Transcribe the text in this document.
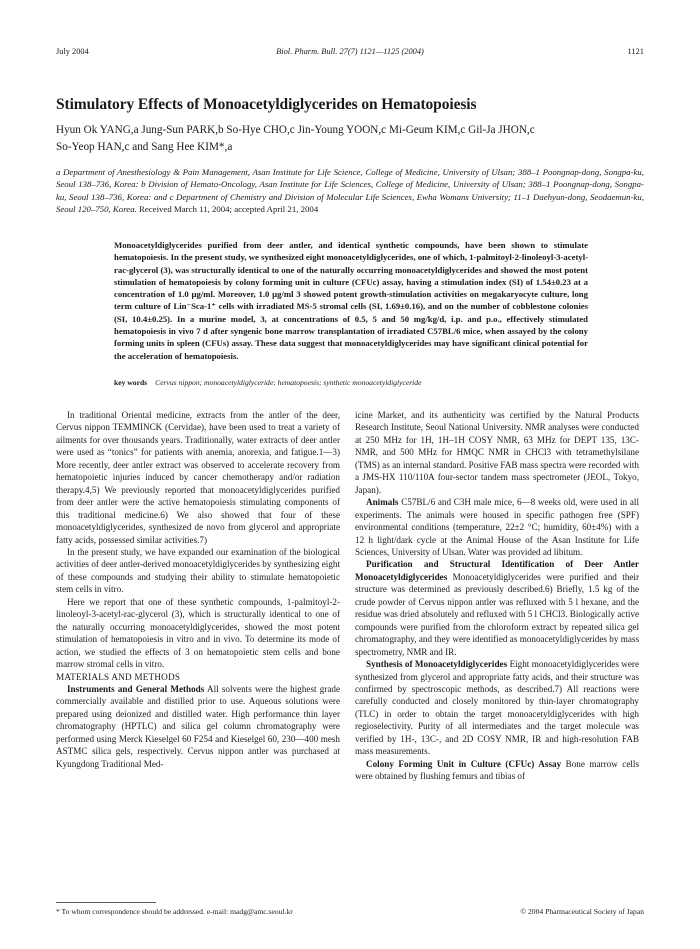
July 2004	Biol. Pharm. Bull. 27(7) 1121—1125 (2004)	1121
Stimulatory Effects of Monoacetyldiglycerides on Hematopoiesis
Hyun Ok YANG,a Jung-Sun PARK,b So-Hye CHO,c Jin-Young YOON,c Mi-Geum KIM,c Gil-Ja JHON,c
So-Yeop HAN,c and Sang Hee KIM*,a
a Department of Anesthesiology & Pain Management, Asan Institute for Life Science, College of Medicine, University of Ulsan; 388–1 Poongnap-dong, Songpa-ku, Seoul 138–736, Korea: b Division of Hemato-Oncology, Asan Institute for Life Sciences, College of Medicine, University of Ulsan; 388–1 Poongnap-dong, Songpa-ku, Seoul 138–736, Korea: and c Department of Chemistry and Division of Molecular Life Sciences, Ewha Womans University; 11–1 Daehyun-dong, Seodaemun-ku, Seoul 120–750, Korea. Received March 11, 2004; accepted April 21, 2004
Monoacetyldiglycerides purified from deer antler, and identical synthetic compounds, have been shown to stimulate hematopoiesis. In the present study, we synthesized eight monoacetyldiglycerides, one of which, 1-palmitoyl-2-linoleoyl-3-acetyl-rac-glycerol (3), was structurally identical to one of the naturally occurring monoacetyldiglycerides and showed the most potent stimulation of hematopoiesis by colony forming unit in culture (CFUc) assay, having a stimulation index (SI) of 1.54±0.23 at a concentration of 1.0 µg/ml. Moreover, 1.0 µg/ml 3 showed potent growth-stimulation activities on megakaryocyte culture, long term culture of Lin⁻Sca-1⁺ cells with irradiated MS-5 stromal cells (SI, 1.69±0.16), and on the number of cobblestone colonies (SI, 10.4±0.25). In a murine model, 3, at concentrations of 0.5, 5 and 50 mg/kg/d, i.p. and p.o., effectively stimulated hematopoiesis in vivo 7 d after syngenic bone marrow transplantation of irradiated C57BL/6 mice, when assayed by the colony forming units in spleen (CFUs) assay. These data suggest that monoacetyldiglycerides may have significant clinical potential for the acceleration of hematopoiesis.
key words Cervus nippon; monoacetyldiglyceride; hematopoesis; synthetic monoacetyldiglyceride

In traditional Oriental medicine, extracts from the antler of the deer, Cervus nippon TEMMINCK (Cervidae), have been used to treat a variety of ailments for over thousands years. Traditionally, water extracts of deer antler were used as “tonics” for patients with anemia, anorexia, and fatigue.1—3) More recently, deer antler extract was observed to accelerate recovery from hematopoietic injuries induced by cancer chemotherapy and/or radiation therapy.4,5) We previously reported that monoacetyldiglycerides purified from deer antler were the active hematopoiesis stimulating components of this traditional medicine.6) We also showed that four of these monoacetyldiglycerides, synthesized de novo from glycerol and appropriate fatty acids, possessed similar activities.7)

In the present study, we have expanded our examination of the biological activities of deer antler-derived monoacetyldiglycerides by synthesizing eight of these compounds and studying their ability to stimulate hematopoietic stem cells in vitro.

Here we report that one of these synthetic compounds, 1-palmitoyl-2-linoleoyl-3-acetyl-rac-glycerol (3), which is structurally identical to one of the naturally occurring monoacetyldiglycerides, showed the most potent stimulation of hematopoiesis in vitro and in vivo. To determine its mode of action, we studied the effects of 3 on hematopoietic stem cells and bone marrow stromal cells in vitro.

MATERIALS AND METHODS

Instruments and General Methods All solvents were the highest grade commercially available and distilled prior to use. Aqueous solutions were prepared using deionized and distilled water. High performance thin layer chromatography (HPTLC) and silica gel column chromatography were performed using Merck Kieselgel 60 F254 and Kieselgel 60, 230—400 mesh ASTMC silica gels, respectively. Cervus nippon antler was purchased at Kyungdong Traditional Med-

icine Market, and its authenticity was certified by the Natural Products Research Institute, Seoul National University. NMR analyses were conducted at 250 MHz for 1H, 1H–1H COSY NMR, 63 MHz for DEPT 135, 13C-NMR, and 500 MHz for HMQC NMR in CHCl3 with tetramethylsilane (TMS) as an internal standard. Positive FAB mass spectra were recorded with a JMS-HX 110/110A four-sector tandem mass spectrometer (JEOL, Tokyo, Japan).

Animals C57BL/6 and C3H male mice, 6—8 weeks old, were used in all experiments. The animals were housed in specific pathogen free (SPF) environmental conditions (temperature, 22±2 °C; humidity, 60±4%) with a 12 h light/dark cycle at the Animal House of the Asan Institute for Life Sciences, University of Ulsan. Water was provided ad libitum.

Purification and Structural Identification of Deer Antler Monoacetyldiglycerides Monoacetyldiglycerides were purified and their structure was determined as previously described.6) Briefly, 1.5 kg of the crude powder of Cervus nippon antler was refluxed with 5 l hexane, and the residue was dried absolutely and refluxed with 5 l CHCl3. Biologically active compounds were purified from the chloroform extract by repeated silica gel chromatography, and they were identified as monoacetyldiglycerides by mass spectrometry, NMR and IR.

Synthesis of Monoacetyldiglycerides Eight monoacetyldiglycerides were synthesized from glycerol and appropriate fatty acids, and their structure was confirmed by spectroscopic methods, as described.7) All reactions were carefully conducted and closely monitored by thin-layer chromatography (TLC) in order to obtain the target monoacetyldiglycerides with high regioselectivity. Purity of all intermediates and the target molecule was verified by 1H-, 13C-, and 2D COSY NMR, IR and high-resolution FAB mass measurements.

Colony Forming Unit in Culture (CFUc) Assay Bone marrow cells were obtained by flushing femurs and tibias of

* To whom correspondence should be addressed. e-mail: madg@amc.seoul.kr	© 2004 Pharmaceutical Society of Japan
